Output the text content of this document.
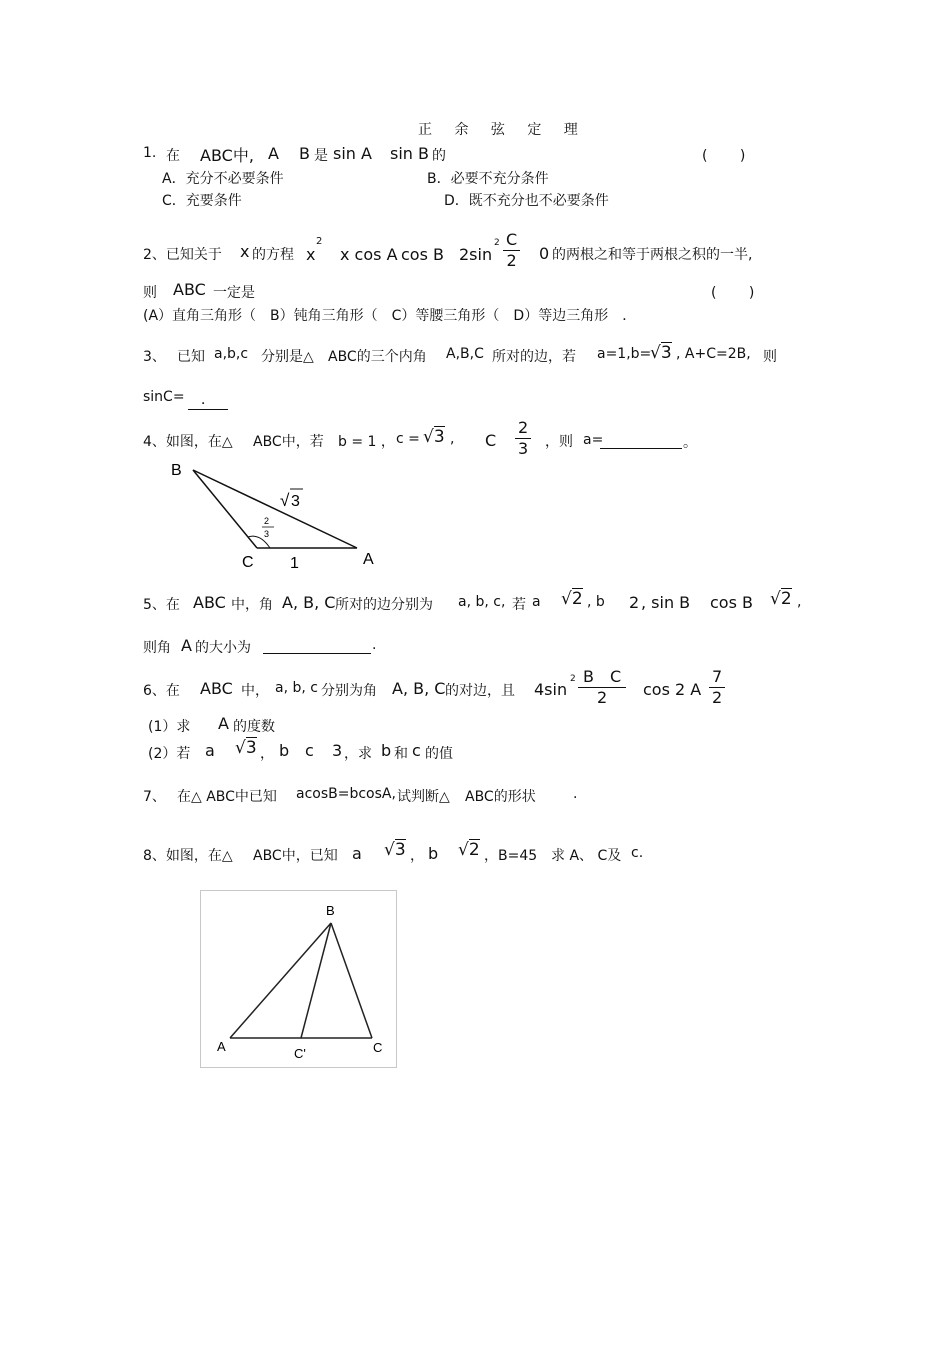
正 余 弦 定 理
1. 在 ABC中, A B 是 sin A sin B 的	(　　 )
A．充分不必要条件	B．必要不充分条件
C．充要条件	D．既不充分也不必要条件
2、已知关于 x 的方程 x
2
x cos A cos B 2sin
$2 \frac{C}{2} 0$ 的两根之和等于两根之积的一半,
则 ABC 一定是	(　　 )
(A）直角三角形（　B）钝角三角形（　C）等腰三角形（　D）等边三角形　．
3、 已知 a,b,c 分别是△ ABC的三个内角 A,B,C 所对的边，若 a=1,b=
√3 , A+C=2B, 则
sinC=	．
4、如图，在△ ABC中，若 b = 1 ， c = √3 , C $\frac{2}{3}$ ，则 a=	。
B
C	A
√ 3
1
2
3
5、在 ABC 中，角 A, B, C 所对的边分别为 a, b, c, 若 a √2 , b 2 , sin B cos B √2 ,
则角 A 的大小为	.
6、在 ABC 中， a, b, c 分别为角 A, B, C 的对边，且 4sin
$2 \frac{\text{B　C}}{2}$ cos 2 A $\frac{7}{2}$
(1）求 A 的度数
(2）若 a √3 ， b c 3 ，求 b 和 c 的值
7、 在△ ABC中已知 acosB=bcosA, 试判断△ ABC的形状	.
8、如图，在△ ABC中，已知 a √3 ， b √2 ，B=45 求 A、 C及 c.
B
A	C'	C
